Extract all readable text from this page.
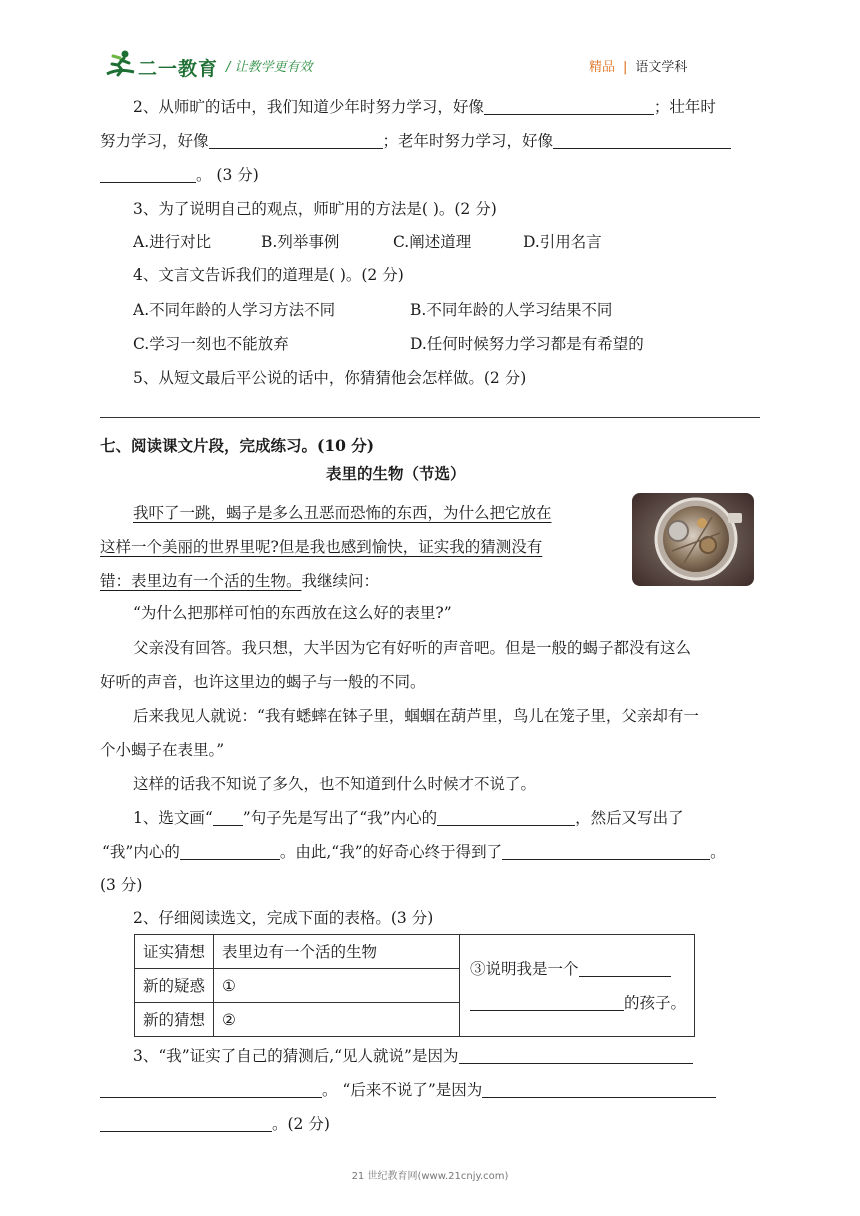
二一教育 / 让教学更有效	精品 | 语文学科
2、从师旷的话中，我们知道少年时努力学习，好像	；壮年时
努力学习，好像	；老年时努力学习，好像
。 (3 分)
3、为了说明自己的观点，师旷用的方法是( )。(2 分)
A.进行对比	B.列举事例	C.阐述道理	D.引用名言
4、文言文告诉我们的道理是( )。(2 分)
A.不同年龄的人学习方法不同	B.不同年龄的人学习结果不同
C.学习一刻也不能放弃	D.任何时候努力学习都是有希望的
5、从短文最后平公说的话中，你猜猜他会怎样做。(2 分)
七、阅读课文片段，完成练习。(10 分)
表里的生物（节选）
我吓了一跳，蝎子是多么丑恶而恐怖的东西，为什么把它放在
这样一个美丽的世界里呢?但是我也感到愉快，证实我的猜测没有
错：表里边有一个活的生物。我继续问：
“为什么把那样可怕的东西放在这么好的表里?”
父亲没有回答。我只想，大半因为它有好听的声音吧。但是一般的蝎子都没有这么
好听的声音，也许这里边的蝎子与一般的不同。
后来我见人就说：“我有蟋蟀在钵子里，蝈蝈在葫芦里，鸟儿在笼子里，父亲却有一
个小蝎子在表里。”
这样的话我不知说了多久，也不知道到什么时候才不说了。
1、选文画“ ”句子先是写出了“我”内心的	，然后又写出了
“我”内心的	。由此,“我”的好奇心终于得到了	。
(3 分)
2、仔细阅读选文，完成下面的表格。(3 分)
证实猜想	表里边有一个活的生物	③说明我是一个
的孩子。

新的疑惑	①	
新的猜想	②	
3、“我”证实了自己的猜测后,“见人就说”是因为
。 “后来不说了”是因为
。(2 分)
21 世纪教育网(www.21cnjy.com)
